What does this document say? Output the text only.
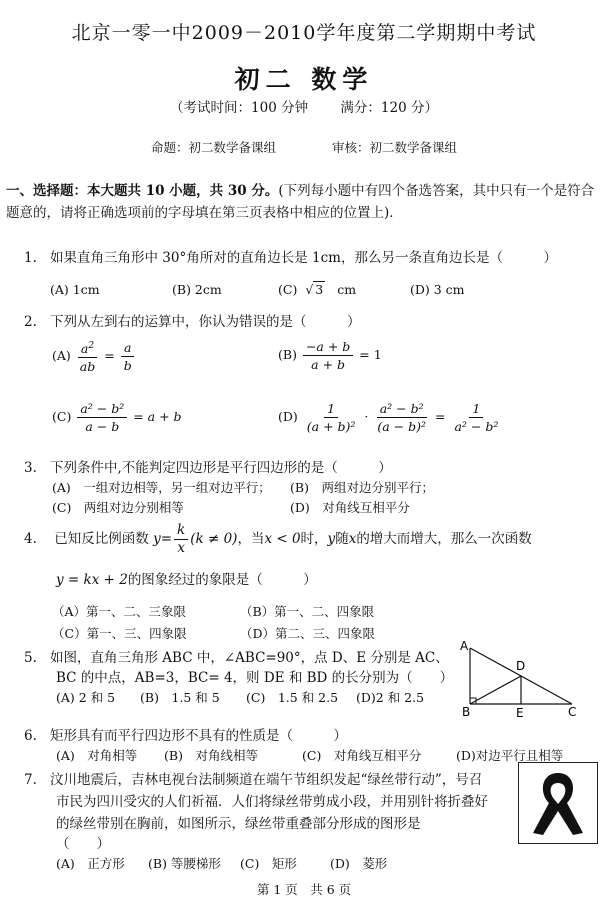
北京一零一中2009－2010学年度第二学期期中考试
初二 数学
（考试时间：100 分钟 满分：120 分）
命题：初二数学备课组	审核：初二数学备课组
一、选择题：本大题共 10 小题，共 30 分。(下列每小题中有四个备选答案，其中只有一个是符合题意的，请将正确选项前的字母填在第三页表格中相应的位置上)．
1. 如果直角三角形中 30°角所对的直角边长是 1cm，那么另一条直角边长是（　　　）
(A) 1cm	(B) 2cm	(C) √ 3 cm	(D) 3 cm
2. 下列从左到右的运算中，你认为错误的是（　　　）
$(A) \frac{a^2}{ab} = \frac{a}{b}$	$(B) \frac{-a + b}{a + b} = 1$
$(C) \frac{\text{a² − b²}}{a - b} = a + b$	$(D) \frac{1}{\text{(a + b)²}} \cdot \frac{\text{a² − b²}}{\text{(a − b)²}} = \frac{1}{\text{a² − b²}}$
3. 下列条件中,不能判定四边形是平行四边形的是（　　　）
(A)　一组对边相等，另一组对边平行； (B)　两组对边分别平行；
(C)　两组对边分别相等	(D)　对角线互相平分
4. 已知反比例函数 $y= \frac{k}{x} (k \ne 0)$，当x < 0时，y随x的增大而增大，那么一次函数
y = kx + 2的图象经过的象限是（　　　）
（A）第一、二、三象限	（B）第一、二、四象限
（C）第一、三、四象限	（D）第二、三、四象限
5. 如图，直角三角形 ABC 中，∠ABC=90°，点 D、E 分别是 AC、
BC 的中点，AB=3，BC= 4，则 DE 和 BD 的长分别为（　　）
(A) 2 和 5 (B)　1.5 和 5 (C)　1.5 和 2.5 (D)2 和 2.5
A
D
B	E	C
6. 矩形具有而平行四边形不具有的性质是（　　　）
(A)　对角相等 (B)　对角线相等	(C)　对角线互相平分	(D)对边平行且相等
7. 汶川地震后，吉林电视台法制频道在端午节组织发起“绿丝带行动”，号召
市民为四川受灾的人们祈福．人们将绿丝带剪成小段，并用别针将折叠好
的绿丝带别在胸前，如图所示，绿丝带重叠部分形成的图形是
（　　）
(A)　正方形 (B) 等腰梯形 (C)　矩形	(D)　菱形
第 1 页　共 6 页
